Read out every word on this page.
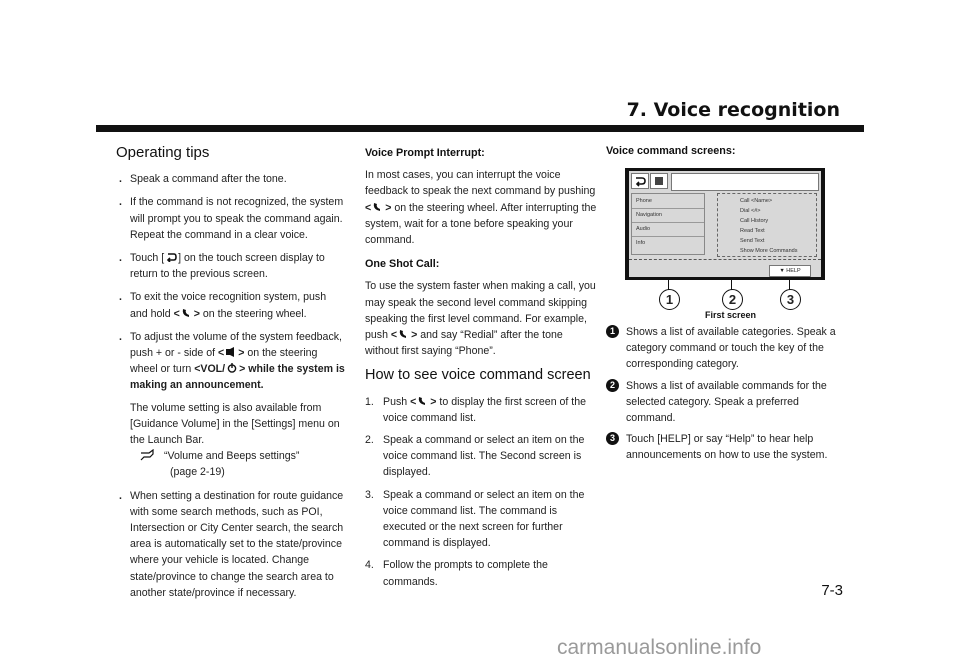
7. Voice recognition
Operating tips
. Speak a command after the tone.
. If the command is not recognized, the system will prompt you to speak the command again. Repeat the command in a clear voice.
. Touch [ ] on the touch screen display to return to the previous screen.
. To exit the voice recognition system, push and hold < > on the steering wheel.
. To adjust the volume of the system feedback, push + or - side of < > on the steering wheel or turn <VOL/ > while the system is making an announcement.
The volume setting is also available from [Guidance Volume] in the [Settings] menu on the Launch Bar.
“Volume and Beeps settings”
(page 2-19)
. When setting a destination for route guidance with some search methods, such as POI, Intersection or City Center search, the search area is automatically set to the state/province where your vehicle is located. Change state/province to change the search area to another state/province if necessary.
Voice Prompt Interrupt:

In most cases, you can interrupt the voice feedback to speak the next command by pushing < > on the steering wheel. After interrupting the system, wait for a tone before speaking your command.

One Shot Call:

To use the system faster when making a call, you may speak the second level command skipping speaking the first level command. For example, push < > and say “Redial” after the tone without first saying “Phone”.

How to see voice command screen
1. Push < > to display the first screen of the voice command list.
2. Speak a command or select an item on the voice command list. The Second screen is displayed.
3. Speak a command or select an item on the voice command list. The command is executed or the next screen for further command is displayed.
4. Follow the prompts to complete the commands.
Voice command screens:
Phone
Navigation
Audio
Info
Call <Name>
Dial <#>
Call History
Read Text
Send Text
Show More Commands
▼ HELP
1	2	3
First screen
1	Shows a list of available categories. Speak a category command or touch the key of the corresponding category.
2	Shows a list of available commands for the selected category. Speak a preferred command.
3	Touch [HELP] or say “Help” to hear help announcements on how to use the system.
7-3
carmanualsonline.info
